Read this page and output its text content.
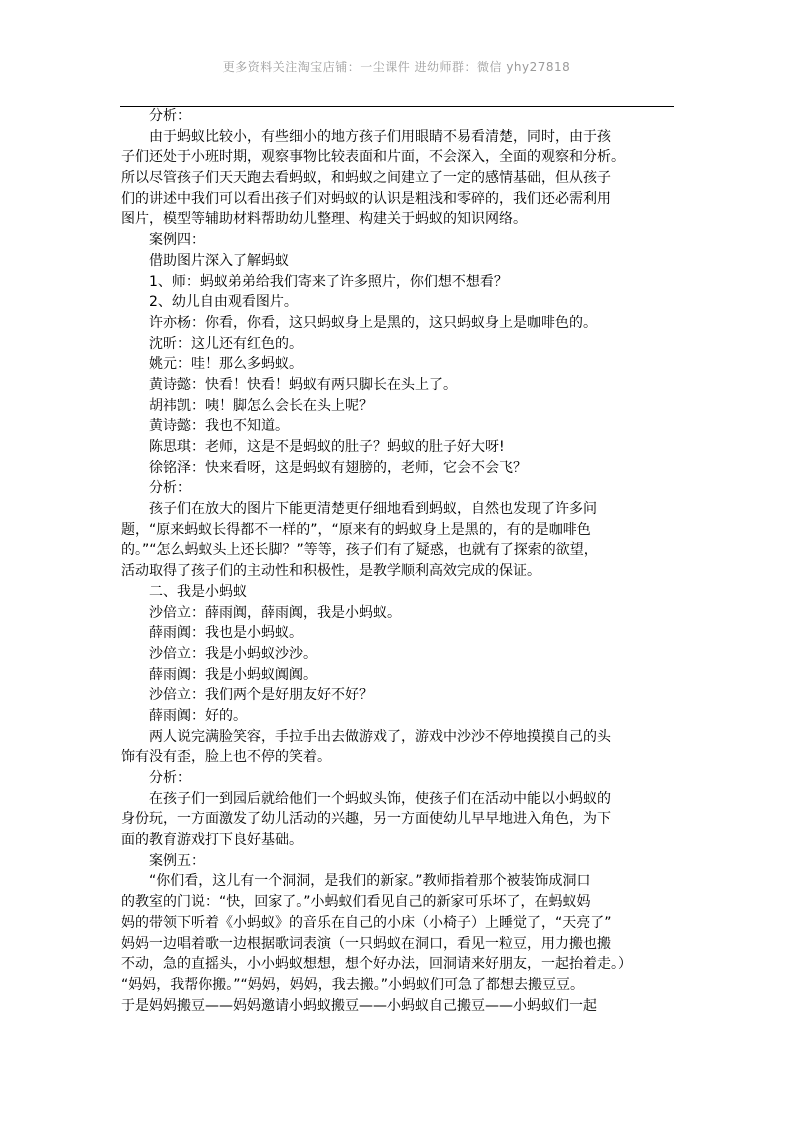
更多资料关注淘宝店铺：一尘课件 进幼师群：微信 yhy27818
分析：
由于蚂蚁比较小，有些细小的地方孩子们用眼睛不易看清楚，同时，由于孩
子们还处于小班时期，观察事物比较表面和片面，不会深入，全面的观察和分析。
所以尽管孩子们天天跑去看蚂蚁，和蚂蚁之间建立了一定的感情基础，但从孩子
们的讲述中我们可以看出孩子们对蚂蚁的认识是粗浅和零碎的，我们还必需利用
图片，模型等辅助材料帮助幼儿整理、构建关于蚂蚁的知识网络。
案例四：
借助图片深入了解蚂蚁
1、师：蚂蚁弟弟给我们寄来了许多照片，你们想不想看？
2、幼儿自由观看图片。
许亦杨：你看，你看，这只蚂蚁身上是黑的，这只蚂蚁身上是咖啡色的。
沈昕：这儿还有红色的。
姚元：哇！那么多蚂蚁。
黄诗懿：快看！快看！蚂蚁有两只脚长在头上了。
胡祎凯：咦！脚怎么会长在头上呢？
黄诗懿：我也不知道。
陈思琪：老师，这是不是蚂蚁的肚子？蚂蚁的肚子好大呀!
徐铭泽：快来看呀，这是蚂蚁有翅膀的，老师，它会不会飞？
分析：
孩子们在放大的图片下能更清楚更仔细地看到蚂蚁，自然也发现了许多问
题，“原来蚂蚁长得都不一样的”，“原来有的蚂蚁身上是黑的，有的是咖啡色
的。”“怎么蚂蚁头上还长脚？”等等，孩子们有了疑惑，也就有了探索的欲望，
活动取得了孩子们的主动性和积极性，是教学顺利高效完成的保证。
二、我是小蚂蚁
沙倍立：薛雨阗，薛雨阗，我是小蚂蚁。
薛雨阗：我也是小蚂蚁。
沙倍立：我是小蚂蚁沙沙。
薛雨阗：我是小蚂蚁阗阗。
沙倍立：我们两个是好朋友好不好？
薛雨阗：好的。
两人说完满脸笑容，手拉手出去做游戏了，游戏中沙沙不停地摸摸自己的头
饰有没有歪，脸上也不停的笑着。
分析：
在孩子们一到园后就给他们一个蚂蚁头饰，使孩子们在活动中能以小蚂蚁的
身份玩，一方面激发了幼儿活动的兴趣，另一方面使幼儿早早地进入角色，为下
面的教育游戏打下良好基础。
案例五：
“你们看，这儿有一个洞洞，是我们的新家。”教师指着那个被装饰成洞口
的教室的门说：“快，回家了。”小蚂蚁们看见自己的新家可乐坏了，在蚂蚁妈
妈的带领下听着《小蚂蚁》的音乐在自己的小床（小椅子）上睡觉了，“天亮了”
妈妈一边唱着歌一边根据歌词表演（一只蚂蚁在洞口，看见一粒豆，用力搬也搬
不动，急的直摇头，小小蚂蚁想想，想个好办法，回洞请来好朋友，一起抬着走。）
“妈妈，我帮你搬。”“妈妈，妈妈，我去搬。”小蚂蚁们可急了都想去搬豆豆。
于是妈妈搬豆——妈妈邀请小蚂蚁搬豆——小蚂蚁自己搬豆——小蚂蚁们一起
